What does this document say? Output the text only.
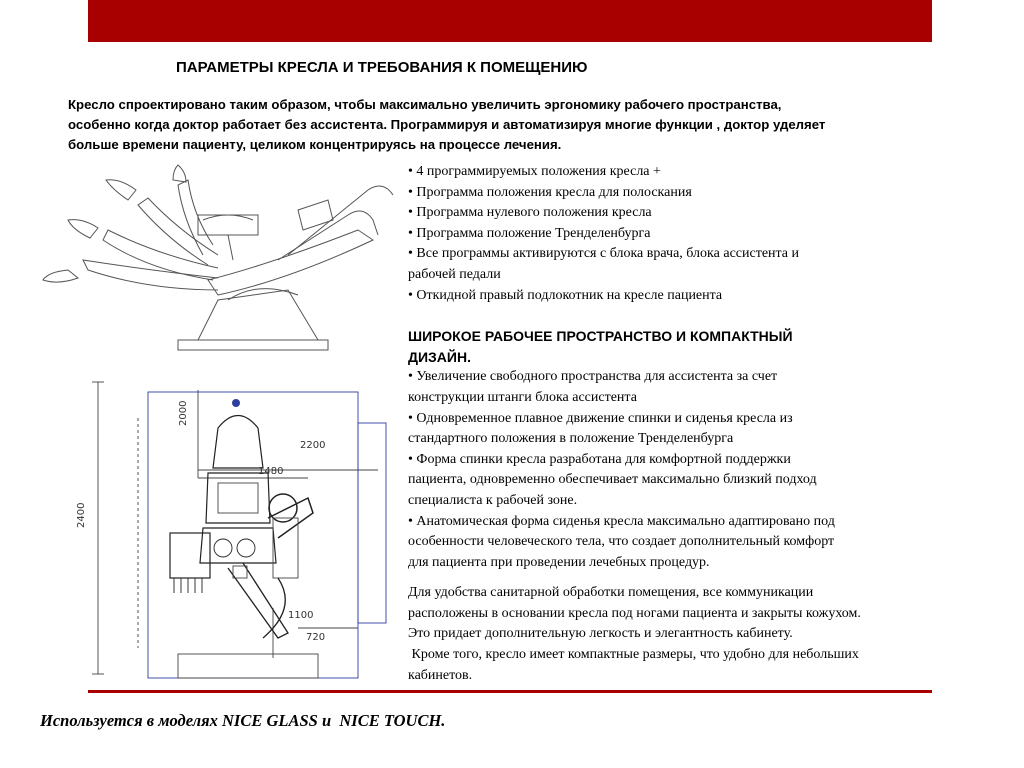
ПАРАМЕТРЫ КРЕСЛА И ТРЕБОВАНИЯ К ПОМЕЩЕНИЮ
Кресло спроектировано таким образом, чтобы максимально увеличить эргономику рабочего пространства,
особенно когда доктор работает без ассистента. Программируя и автоматизируя многие функции , доктор уделяет
больше времени пациенту, целиком концентрируясь на процессе лечения.
2400
2000
2200
1480
1100
720
• 4 программируемых положения кресла +
• Программа положения кресла для полоскания
• Программа нулевого положения кресла
• Программа положение Тренделенбурга
• Все программы активируются с блока врача, блока ассистента и
рабочей педали
• Откидной правый подлокотник на кресле пациента
ШИРОКОЕ РАБОЧЕЕ ПРОСТРАНСТВО И КОМПАКТНЫЙ
ДИЗАЙН.
• Увеличение свободного пространства для ассистента за счет
конструкции штанги блока ассистента
• Одновременное плавное движение спинки и сиденья кресла из
стандартного положения в положение Тренделенбурга
• Форма спинки кресла разработана для комфортной поддержки
пациента, одновременно обеспечивает максимально близкий подход
специалиста к рабочей зоне.
• Анатомическая форма сиденья кресла максимально адаптировано под
особенности человеческого тела, что создает дополнительный комфорт
для пациента при проведении лечебных процедур.
Для удобства санитарной обработки помещения, все коммуникации
расположены в основании кресла под ногами пациента и закрыты кожухом.
Это придает дополнительную легкость и элегантность кабинету.
Кроме того, кресло имеет компактные размеры, что удобно для небольших
кабинетов.
Используется в моделях NICE GLASS и  NICE TOUCH.
